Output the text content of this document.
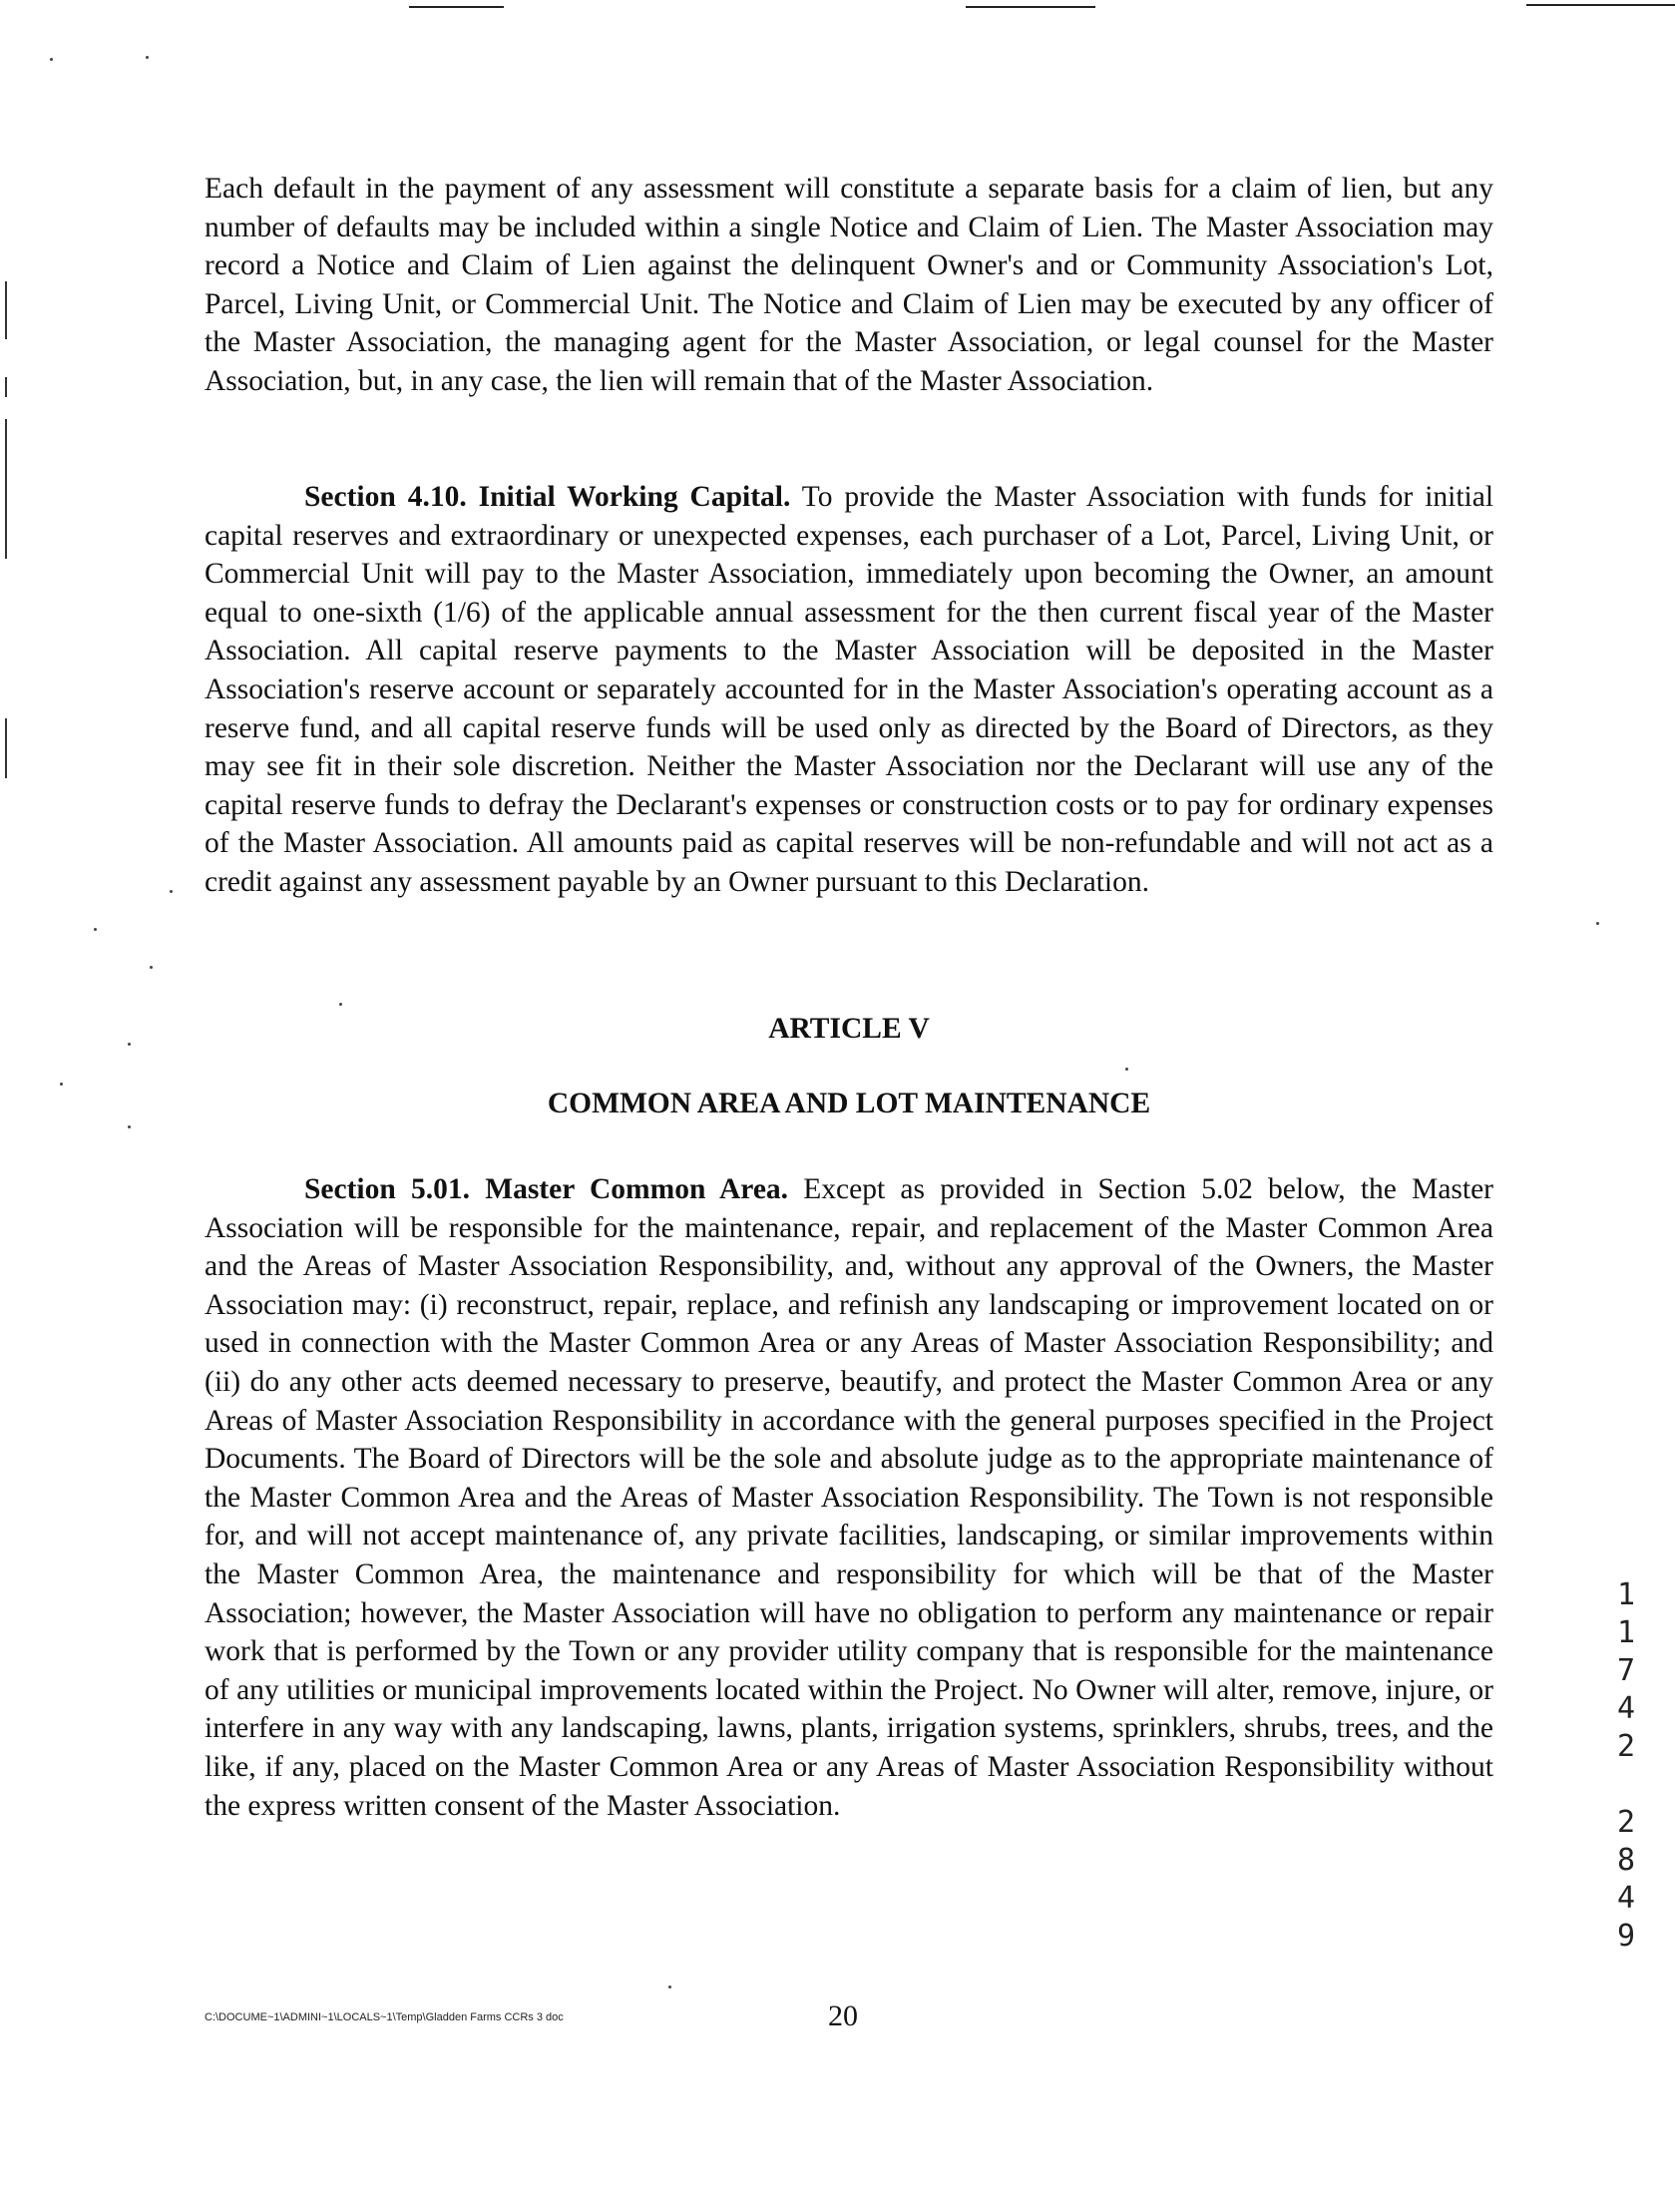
Each default in the payment of any assessment will constitute a separate basis for a claim of lien, but any number of defaults may be included within a single Notice and Claim of Lien. The Master Association may record a Notice and Claim of Lien against the delinquent Owner's and or Community Association's Lot, Parcel, Living Unit, or Commercial Unit. The Notice and Claim of Lien may be executed by any officer of the Master Association, the managing agent for the Master Association, or legal counsel for the Master Association, but, in any case, the lien will remain that of the Master Association.

Section 4.10. Initial Working Capital. To provide the Master Association with funds for initial capital reserves and extraordinary or unexpected expenses, each purchaser of a Lot, Parcel, Living Unit, or Commercial Unit will pay to the Master Association, immediately upon becoming the Owner, an amount equal to one-sixth (1/6) of the applicable annual assessment for the then current fiscal year of the Master Association. All capital reserve payments to the Master Association will be deposited in the Master Association's reserve account or separately accounted for in the Master Association's operating account as a reserve fund, and all capital reserve funds will be used only as directed by the Board of Directors, as they may see fit in their sole discretion. Neither the Master Association nor the Declarant will use any of the capital reserve funds to defray the Declarant's expenses or construction costs or to pay for ordinary expenses of the Master Association. All amounts paid as capital reserves will be non-refundable and will not act as a credit against any assessment payable by an Owner pursuant to this Declaration.

ARTICLE V

COMMON AREA AND LOT MAINTENANCE

Section 5.01. Master Common Area. Except as provided in Section 5.02 below, the Master Association will be responsible for the maintenance, repair, and replacement of the Master Common Area and the Areas of Master Association Responsibility, and, without any approval of the Owners, the Master Association may: (i) reconstruct, repair, replace, and refinish any landscaping or improvement located on or used in connection with the Master Common Area or any Areas of Master Association Responsibility; and (ii) do any other acts deemed necessary to preserve, beautify, and protect the Master Common Area or any Areas of Master Association Responsibility in accordance with the general purposes specified in the Project Documents. The Board of Directors will be the sole and absolute judge as to the appropriate maintenance of the Master Common Area and the Areas of Master Association Responsibility. The Town is not responsible for, and will not accept maintenance of, any private facilities, landscaping, or similar improvements within the Master Common Area, the maintenance and responsibility for which will be that of the Master Association; however, the Master Association will have no obligation to perform any maintenance or repair work that is performed by the Town or any provider utility company that is responsible for the maintenance of any utilities or municipal improvements located within the Project. No Owner will alter, remove, injure, or interfere in any way with any landscaping, lawns, plants, irrigation systems, sprinklers, shrubs, trees, and the like, if any, placed on the Master Common Area or any Areas of Master Association Responsibility without the express written consent of the Master Association.

1
1
7
4
2
2
8
4
9
C:\DOCUME~1\ADMINI~1\LOCALS~1\Temp\Gladden Farms CCRs 3 doc	20
